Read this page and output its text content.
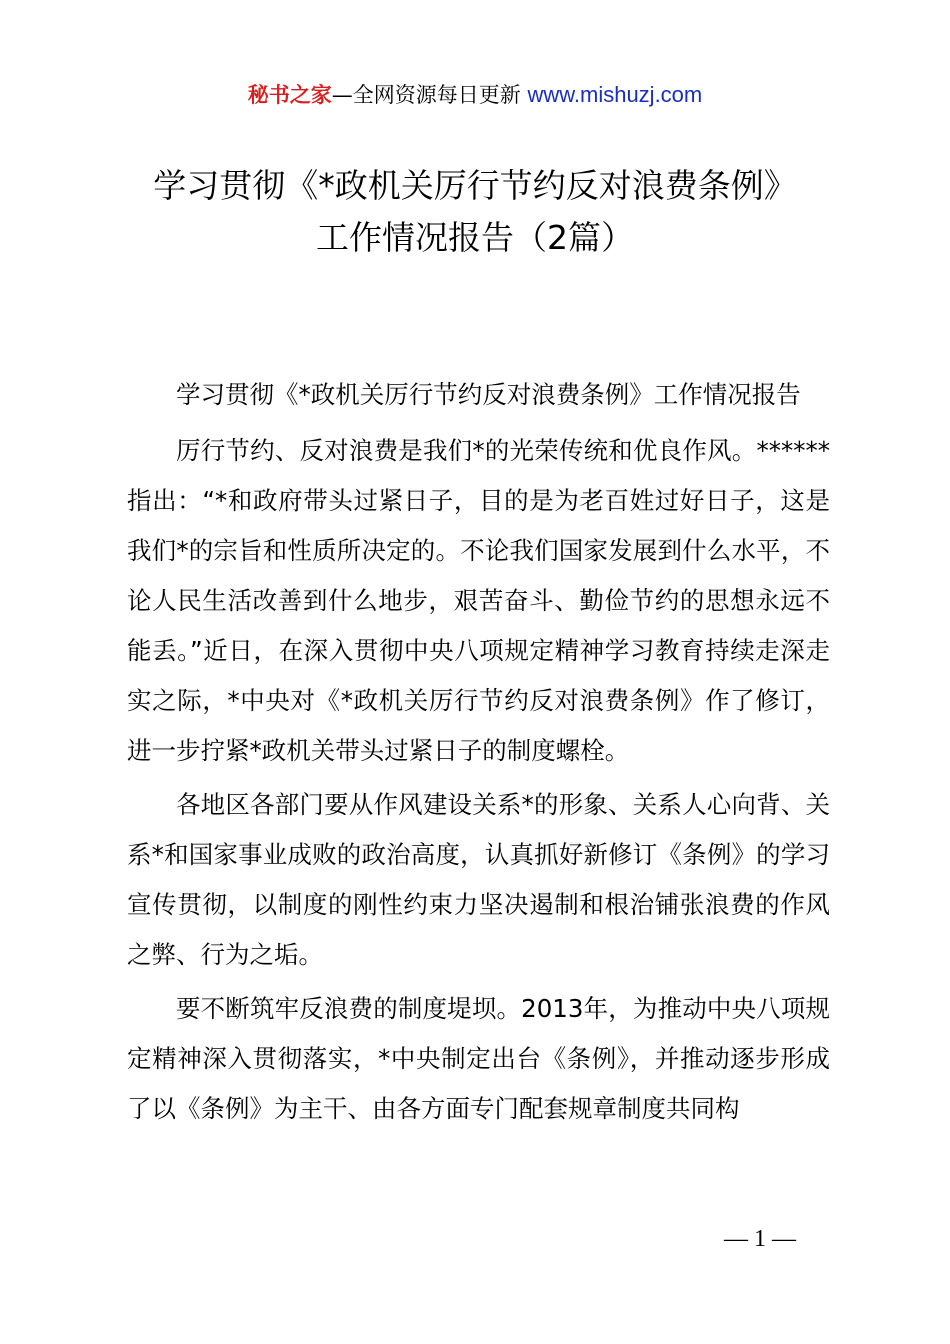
秘书之家—全网资源每日更新 www.mishuzj.com
学习贯彻《*政机关厉行节约反对浪费条例》
工作情况报告（2篇）

学习贯彻《*政机关厉行节约反对浪费条例》工作情况报告

厉行节约、反对浪费是我们*的光荣传统和优良作风。******指出：“*和政府带头过紧日子，目的是为老百姓过好日子，这是我们*的宗旨和性质所决定的。不论我们国家发展到什么水平，不论人民生活改善到什么地步，艰苦奋斗、勤俭节约的思想永远不能丢。”近日，在深入贯彻中央八项规定精神学习教育持续走深走实之际，*中央对《*政机关厉行节约反对浪费条例》作了修订，进一步拧紧*政机关带头过紧日子的制度螺栓。

各地区各部门要从作风建设关系*的形象、关系人心向背、关系*和国家事业成败的政治高度，认真抓好新修订《条例》的学习宣传贯彻，以制度的刚性约束力坚决遏制和根治铺张浪费的作风之弊、行为之垢。

要不断筑牢反浪费的制度堤坝。2013年，为推动中央八项规定精神深入贯彻落实，*中央制定出台《条例》，并推动逐步形成了以《条例》为主干、由各方面专门配套规章制度共同构

— 1 —
